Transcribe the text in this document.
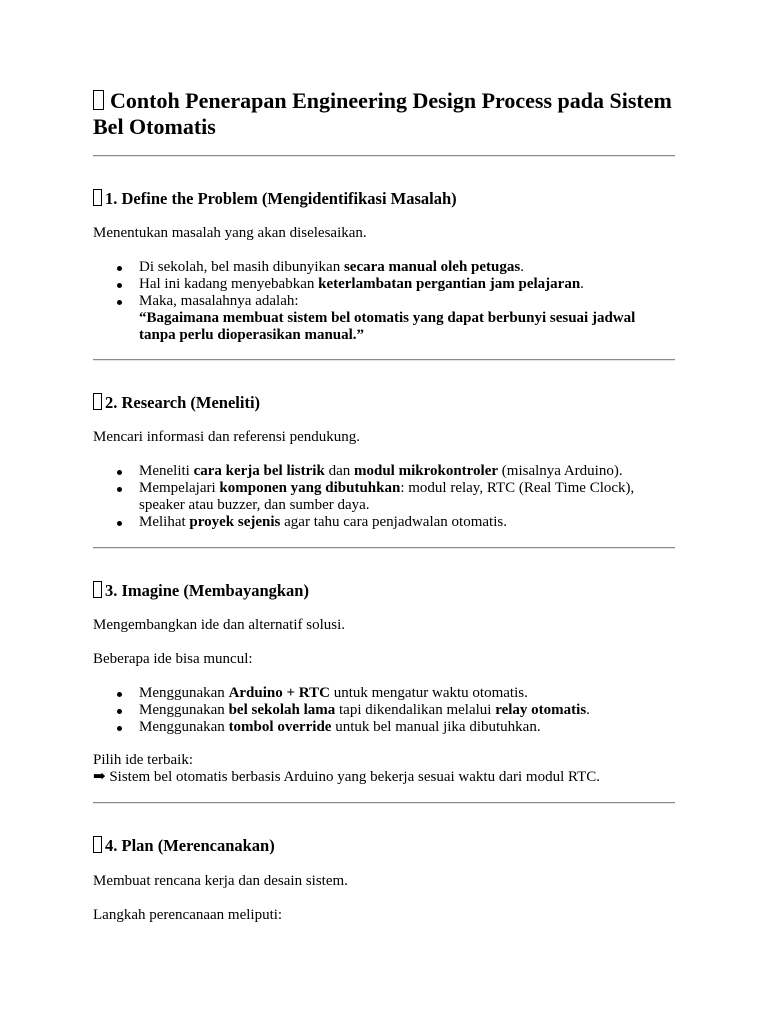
Contoh Penerapan Engineering Design Process pada Sistem Bel Otomatis
1. Define the Problem (Mengidentifikasi Masalah)

Menentukan masalah yang akan diselesaikan.

Di sekolah, bel masih dibunyikan secara manual oleh petugas.
Hal ini kadang menyebabkan keterlambatan pergantian jam pelajaran.
Maka, masalahnya adalah:
“Bagaimana membuat sistem bel otomatis yang dapat berbunyi sesuai jadwal tanpa perlu dioperasikan manual.”
2. Research (Meneliti)

Mencari informasi dan referensi pendukung.

Meneliti cara kerja bel listrik dan modul mikrokontroler (misalnya Arduino).
Mempelajari komponen yang dibutuhkan: modul relay, RTC (Real Time Clock), speaker atau buzzer, dan sumber daya.
Melihat proyek sejenis agar tahu cara penjadwalan otomatis.
3. Imagine (Membayangkan)

Mengembangkan ide dan alternatif solusi.

Beberapa ide bisa muncul:

Menggunakan Arduino + RTC untuk mengatur waktu otomatis.
Menggunakan bel sekolah lama tapi dikendalikan melalui relay otomatis.
Menggunakan tombol override untuk bel manual jika dibutuhkan.

Pilih ide terbaik:

➡ Sistem bel otomatis berbasis Arduino yang bekerja sesuai waktu dari modul RTC.

4. Plan (Merencanakan)

Membuat rencana kerja dan desain sistem.

Langkah perencanaan meliputi:
